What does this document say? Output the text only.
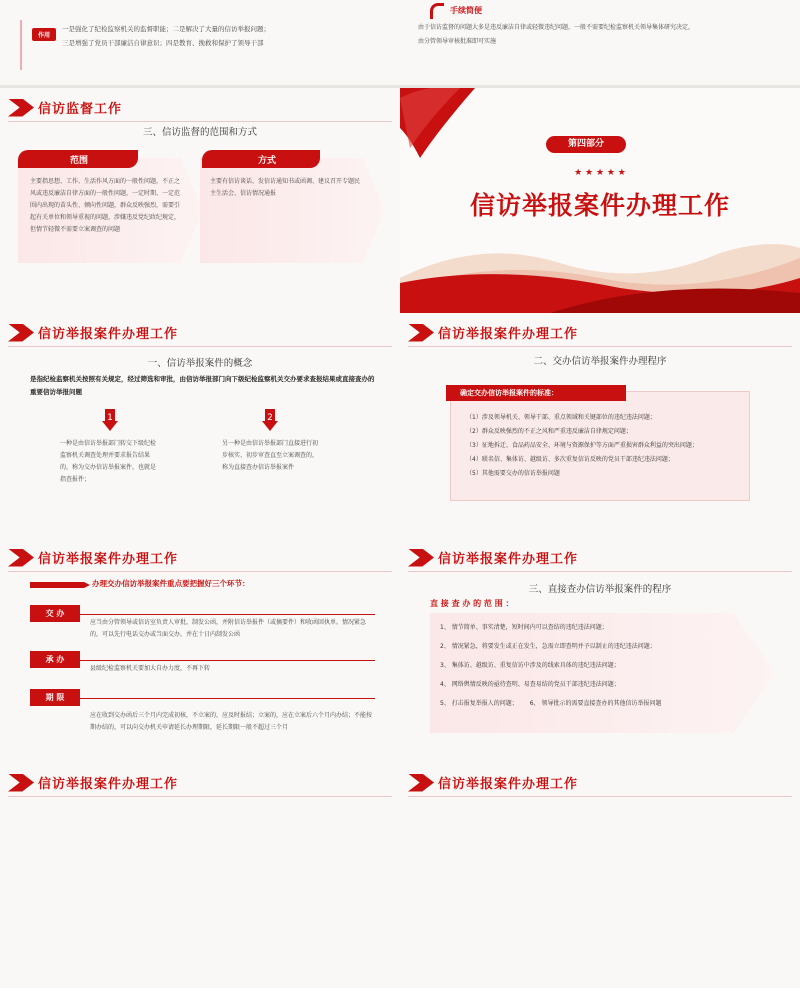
作用
一是强化了纪检监察机关的监督职能；二是解决了大量的信访举报问题；
三是增强了党员干部廉洁自律意识；四是教育、挽救和保护了领导干部
手续简便
由于信访监督的问题大多是违反廉洁自律或轻微违纪问题，一般不需要纪检监察机关领导集体研究决定，
由分管领导审核批准即可实施
信访监督工作
三、信访监督的范围和方式
范围
主要指思想、工作、生活作风方面的一般性问题，不正之风或违反廉洁自律方面的一般性问题，一定时期、一定范围内出现的苗头性、倾向性问题，群众反映强烈，需要引起有关单位和领导重视的问题，涉嫌违反党纪政纪规定，但情节轻微不需要立案调查的问题
方式
主要有信访谈话、发信访通知书或函调、建议召开专题民主生活会、信访情况通报
第四部分
★ ★ ★ ★ ★
信访举报案件办理工作
信访举报案件办理工作
一、信访举报案件的概念
是指纪检监察机关按照有关规定，经过筛选和审批，由信访举报部门向下级纪检监察机关交办要求查报结果或直接查办的重要信访举报问题
1	2
一种是由信访举报部门转交下级纪检监察机关调查处理并要求报告结果的，称为交办信访举报案件，也就是指查报件；
另一种是由信访举报部门直接进行初步核实、初步审查直至立案调查的，称为直接查办信访举报案件
信访举报案件办理工作
二、交办信访举报案件办理程序
确定交办信访举报案件的标准：
（1）涉及领导机关、领导干部、重点领域和关键部位的违纪违法问题；
（2）群众反映强烈的不正之风和严重违反廉洁自律规定问题；
（3）征地拆迁、食品药品安全、环境与资源保护等方面严重损害群众利益的突出问题；
（4）联名信、集体访、越级访、多次重复信访反映的党员干部违纪违法问题；
（5）其他需要交办的信访举报问题
信访举报案件办理工作
办理交办信访举报案件重点要把握好三个环节：
交 办
应当由分管领导或信访室负责人审批，制发公函，并附信访举报件（或摘要件）和收函回执单。情况紧急的，可以先行电话交办或当面交办，并在十日内制发公函
承 办
县级纪检监察机关要加大自办力度，不再下转
期 限
应在收到交办函后三个月内完成初核，不立案的，应及时报结；立案的，应在立案后六个月内办结；不能按期办结的，可以向交办机关申请延长办理期限，延长期限一般不超过三个月
信访举报案件办理工作
三、直接查办信访举报案件的程序
直 接 查 办 的 范 围 ：
1、 情节简单、事实清楚，短时间内可以查结的违纪违法问题；
2、 情况紧急，将要发生或正在发生，急需立即查明并予以制止的违纪违法问题；
3、 集体访、越级访、重复信访中涉及的线索具体的违纪违法问题；
4、 网络舆情反映的亟待查明、易查易结的党员干部违纪违法问题；
5、 打击报复举报人的问题； 6、 领导批示的需要直接查办的其他信访举报问题
信访举报案件办理工作	信访举报案件办理工作
